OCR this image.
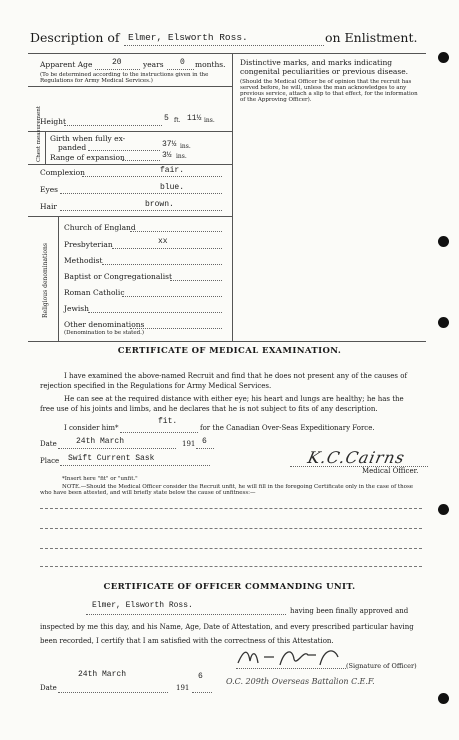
Description of Elmer, Elsworth Ross.	on Enlistment.
Apparent Age 20	years 0 months.
(To be determined according to the instructions given in the Regulations for Army Medical Services.)
Distinctive marks, and marks indicating congenital peculiarities or previous disease.
(Should the Medical Officer be of opinion that the recruit has served before, he will, unless the man acknowledges to any previous service, attach a slip to that effect, for the information of the Approving Officer).
Height	5 ft. 11½ ins.
Chest measurement Girth when fully ex-
panded	37½ ins.
Range of expansion	3½ ins.
Complexion	fair.
Eyes	blue.
Hair	brown.
Religious denominations
Church of England
Presbyterian	xx
Methodist
Baptist or Congregationalist
Roman Catholic
Jewish
Other denominations
(Denomination to be stated.)
CERTIFICATE OF MEDICAL EXAMINATION.
I have examined the above-named Recruit and find that he does not present any of the causes of rejection specified in the Regulations for Army Medical Services.
He can see at the required distance with either eye; his heart and lungs are healthy; he has the free use of his joints and limbs, and he declares that he is not subject to fits of any description.
I consider him*
fit.
for the Canadian Over-Seas Expeditionary Force.
Date 24th March	191 6
Place Swift Current Sask	K.C.Cairns
Medical Officer.
*Insert here "fit" or "unfit."
NOTE.—Should the Medical Officer consider the Recruit unfit, he will fill in the foregoing Certificate only in the case of those who have been attested, and will briefly state below the cause of unfitness:—
CERTIFICATE OF OFFICER COMMANDING UNIT.
Elmer, Elsworth Ross.
having been finally approved and
inspected by me this day, and his Name, Age, Date of Attestation, and every prescribed particular having
been recorded, I certify that I am satisfied with the correctness of this Attestation.
(Signature of Officer)
O.C. 209th Overseas Battalion C.E.F.
24th March
Date	191
6
